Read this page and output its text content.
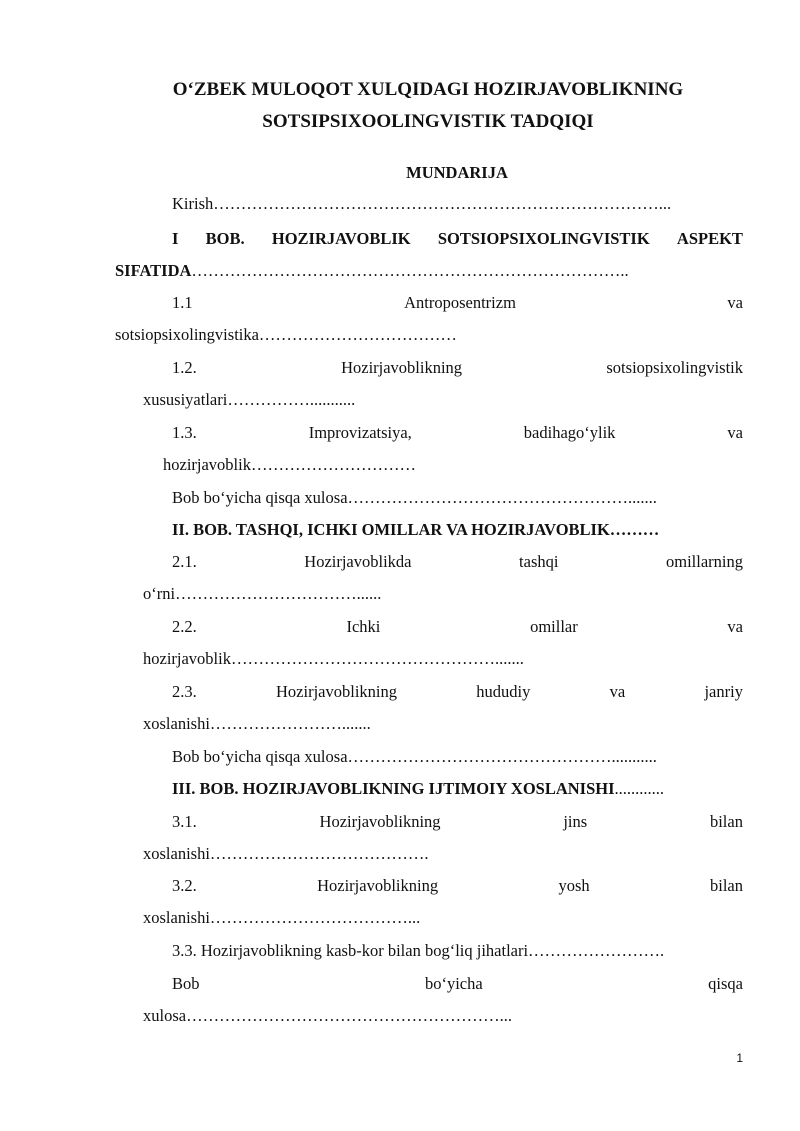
O‘ZBEK MULOQOT XULQIDAGI HOZIRJAVOBLIKNING
SOTSIPSIXOOLINGVISTIK TADQIQI
MUNDARIJA
Kirish………………………………………………………………………...
I BOB. HOZIRJAVOBLIK SOTSIOPSIXOLINGVISTIK ASPEKT
SIFATIDA……………………………………………………………………..
1.1	Antroposentrizm	va
sotsiopsixolingvistika………………………………
1.2.	Hozirjavoblikning	sotsiopsixolingvistik
xususiyatlari……………...........
1.3.	Improvizatsiya,	badihago‘ylik	va
hozirjavoblik…………………………
Bob bo‘yicha qisqa xulosa…………………………………………….......
II. BOB. TASHQI, ICHKI OMILLAR VA HOZIRJAVOBLIK………
2.1.	Hozirjavoblikda	tashqi	omillarning
o‘rni……………………………......
2.2.	Ichki	omillar	va
hozirjavoblik………………………………………….......
2.3.	Hozirjavoblikning	hududiy	va	janriy
xoslanishi…………………….......
Bob bo‘yicha qisqa xulosa…………………………………………...........
III. BOB. HOZIRJAVOBLIKNING IJTIMOIY XOSLANISHI............
3.1.	Hozirjavoblikning	jins	bilan
xoslanishi………………………………….
3.2.	Hozirjavoblikning	yosh	bilan
xoslanishi………………………………...
3.3. Hozirjavoblikning kasb-kor bilan bog‘liq jihatlari…………………….
Bob	bo‘yicha	qisqa
xulosa…………………………………………………...
1
